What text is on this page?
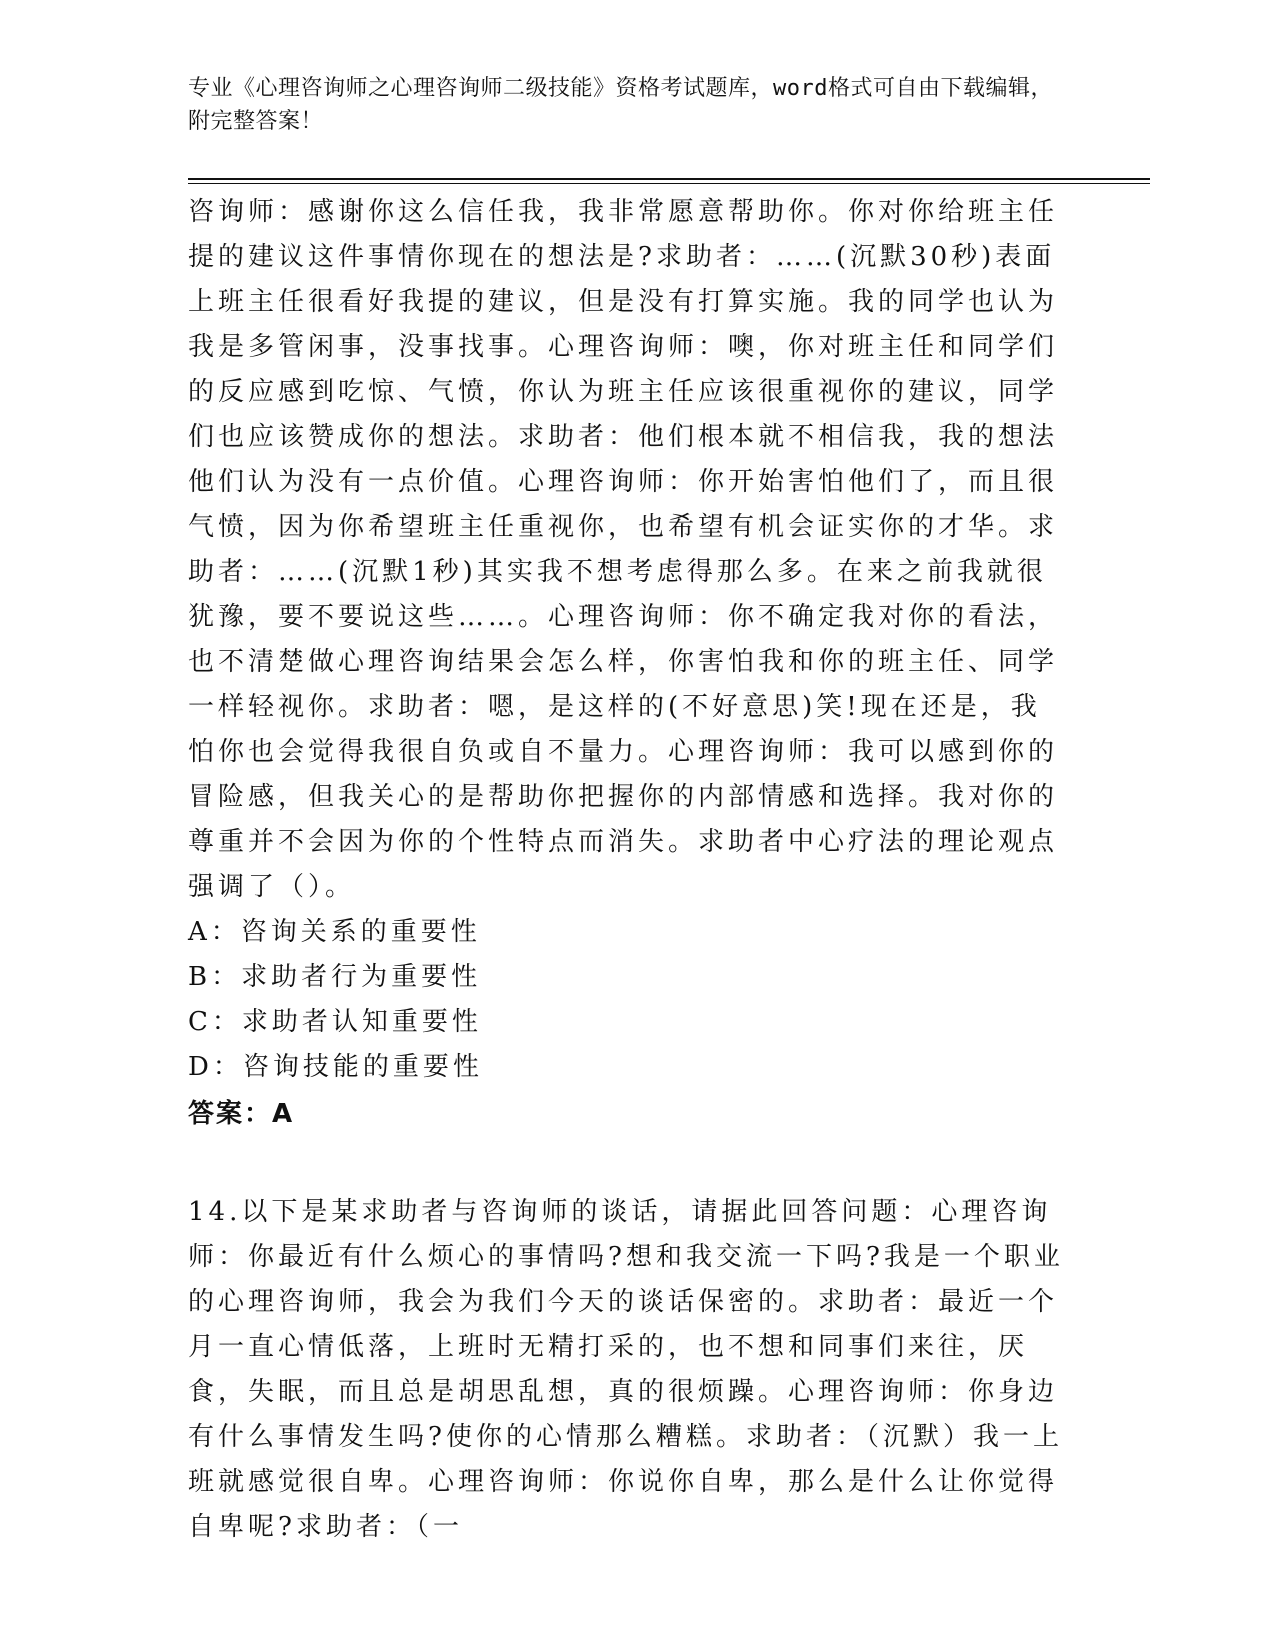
专业《心理咨询师之心理咨询师二级技能》资格考试题库，word格式可自由下载编辑，附完整答案！

咨询师：感谢你这么信任我，我非常愿意帮助你。你对你给班主任提的建议这件事情你现在的想法是?求助者：……(沉默30秒)表面上班主任很看好我提的建议，但是没有打算实施。我的同学也认为我是多管闲事，没事找事。心理咨询师：噢，你对班主任和同学们的反应感到吃惊、气愤，你认为班主任应该很重视你的建议，同学们也应该赞成你的想法。求助者：他们根本就不相信我，我的想法他们认为没有一点价值。心理咨询师：你开始害怕他们了，而且很气愤，因为你希望班主任重视你，也希望有机会证实你的才华。求助者：……(沉默1秒)其实我不想考虑得那么多。在来之前我就很犹豫，要不要说这些……。心理咨询师：你不确定我对你的看法，也不清楚做心理咨询结果会怎么样，你害怕我和你的班主任、同学一样轻视你。求助者：嗯，是这样的(不好意思)笑!现在还是，我怕你也会觉得我很自负或自不量力。心理咨询师：我可以感到你的冒险感，但我关心的是帮助你把握你的内部情感和选择。我对你的尊重并不会因为你的个性特点而消失。求助者中心疗法的理论观点强调了（）。

A：咨询关系的重要性

B：求助者行为重要性

C：求助者认知重要性

D：咨询技能的重要性

答案：A

14.以下是某求助者与咨询师的谈话，请据此回答问题：心理咨询师：你最近有什么烦心的事情吗?想和我交流一下吗?我是一个职业的心理咨询师，我会为我们今天的谈话保密的。求助者：最近一个月一直心情低落，上班时无精打采的，也不想和同事们来往，厌食，失眠，而且总是胡思乱想，真的很烦躁。心理咨询师：你身边有什么事情发生吗?使你的心情那么糟糕。求助者：（沉默）我一上班就感觉很自卑。心理咨询师：你说你自卑，那么是什么让你觉得自卑呢?求助者：（一
